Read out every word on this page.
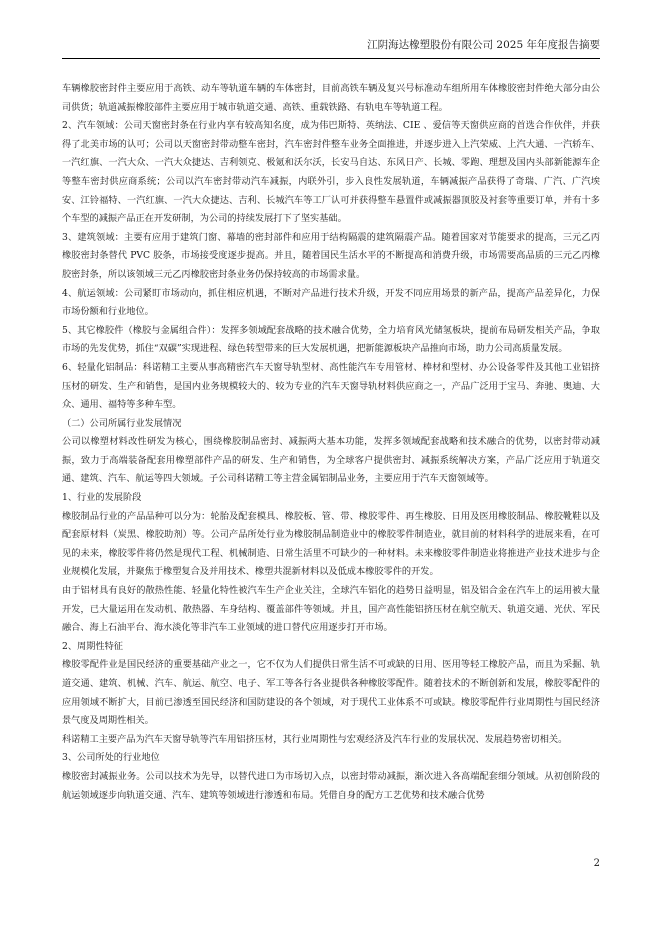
江阴海达橡塑股份有限公司 2025 年年度报告摘要

车辆橡胶密封件主要应用于高铁、动车等轨道车辆的车体密封，目前高铁车辆及复兴号标准动车组所用车体橡胶密封件绝大部分由公司供货；轨道减振橡胶部件主要应用于城市轨道交通、高铁、重载铁路、有轨电车等轨道工程。

2、汽车领域：公司天窗密封条在行业内享有较高知名度，成为伟巴斯特、英纳法、CIE 、爱信等天窗供应商的首选合作伙伴，并获得了北美市场的认可；公司以天窗密封带动整车密封，汽车密封件整车业务全面推进，并逐步进入上汽荣威、上汽大通、一汽轿车、一汽红旗、一汽大众、一汽大众捷达、吉利领克、极氪和沃尔沃，长安马自达、东风日产、长城、零跑、理想及国内头部新能源车企等整车密封供应商系统；公司以汽车密封带动汽车减振，内联外引，步入良性发展轨道，车辆减振产品获得了奇瑞、广汽、广汽埃安、江铃福特、一汽红旗、一汽大众捷达、吉利、长城汽车等工厂认可并获得整车悬置件或减振器顶胶及衬套等重要订单，并有十多个车型的减振产品正在开发研制，为公司的持续发展打下了坚实基础。

3、建筑领域：主要有应用于建筑门窗、幕墙的密封部件和应用于结构隔震的建筑隔震产品。随着国家对节能要求的提高，三元乙丙橡胶密封条替代 PVC 胶条，市场接受度逐步提高。并且，随着国民生活水平的不断提高和消费升级，市场需要高品质的三元乙丙橡胶密封条，所以该领域三元乙丙橡胶密封条业务仍保持较高的市场需求量。

4、航运领域：公司紧盯市场动向，抓住相应机遇，不断对产品进行技术升级，开发不同应用场景的新产品，提高产品差异化，力保市场份额和行业地位。

5、其它橡胶件（橡胶与金属组合件）：发挥多领域配套战略的技术融合优势，全力培育风光储氢板块，提前布局研发相关产品，争取市场的先发优势，抓住“双碳”实现进程、绿色转型带来的巨大发展机遇，把新能源板块产品推向市场，助力公司高质量发展。

6、轻量化铝制品：科诺精工主要从事高精密汽车天窗导轨型材、高性能汽车专用管材、棒材和型材、办公设备零件及其他工业铝挤压材的研发、生产和销售，是国内业务规模较大的、较为专业的汽车天窗导轨材料供应商之一，产品广泛用于宝马、奔驰、奥迪、大众、通用、福特等多种车型。

（二）公司所属行业发展情况

公司以橡塑材料改性研发为核心，围绕橡胶制品密封、减振两大基本功能，发挥多领域配套战略和技术融合的优势，以密封带动减振，致力于高端装备配套用橡塑部件产品的研发、生产和销售，为全球客户提供密封、减振系统解决方案，产品广泛应用于轨道交通、建筑、汽车、航运等四大领域。子公司科诺精工等主营金属铝制品业务，主要应用于汽车天窗领域等。

1、行业的发展阶段

橡胶制品行业的产品品种可以分为：轮胎及配套模具、橡胶板、管、带、橡胶零件、再生橡胶、日用及医用橡胶制品、橡胶靴鞋以及配套原材料（炭黑、橡胶助剂）等。公司产品所处行业为橡胶制品制造业中的橡胶零件制造业，就目前的材料科学的进展来看，在可见的未来，橡胶零件将仍然是现代工程、机械制造、日常生活里不可缺少的一种材料。未来橡胶零件制造业将推进产业技术进步与企业规模化发展，并聚焦于橡塑复合及并用技术、橡塑共混新材料以及低成本橡胶零件的开发。

由于铝材具有良好的散热性能、轻量化特性被汽车生产企业关注，全球汽车铝化的趋势日益明显，铝及铝合金在汽车上的运用被大量开发，已大量运用在发动机、散热器、车身结构、覆盖部件等领域。并且，国产高性能铝挤压材在航空航天、轨道交通、光伏、军民融合、海上石油平台、海水淡化等非汽车工业领域的进口替代应用逐步打开市场。

2、周期性特征

橡胶零配件业是国民经济的重要基础产业之一，它不仅为人们提供日常生活不可或缺的日用、医用等轻工橡胶产品，而且为采掘、轨道交通、建筑、机械、汽车、航运、航空、电子、军工等各行各业提供各种橡胶零配件。随着技术的不断创新和发展，橡胶零配件的应用领域不断扩大，目前已渗透至国民经济和国防建设的各个领域，对于现代工业体系不可或缺。橡胶零配件行业周期性与国民经济景气度及周期性相关。

科诺精工主要产品为汽车天窗导轨等汽车用铝挤压材，其行业周期性与宏观经济及汽车行业的发展状况、发展趋势密切相关。

3、公司所处的行业地位

橡胶密封减振业务。公司以技术为先导，以替代进口为市场切入点，以密封带动减振，渐次进入各高端配套细分领域。从初创阶段的航运领域逐步向轨道交通、汽车、建筑等领域进行渗透和布局。凭借自身的配方工艺优势和技术融合优势

2
